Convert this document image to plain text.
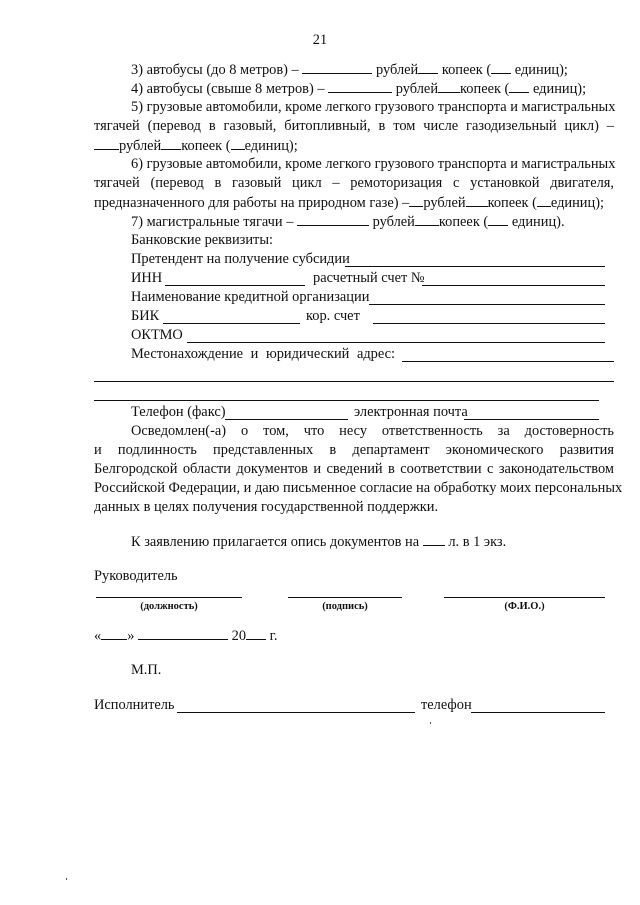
21
3) автобусы (до 8 метров) –	рублей копеек ( единиц);
4) автобусы (свыше 8 метров) –	рублей копеек ( единиц);
5) грузовые автомобили, кроме легкого грузового транспорта и магистральных
тягачей (перевод в газовый, битопливный, в том числе газодизельный цикл) –
рублей копеек ( единиц);
6) грузовые автомобили, кроме легкого грузового транспорта и магистральных
тягачей (перевод в газовый цикл – ремоторизация с установкой двигателя,
предназначенного для работы на природном газе) – рублей копеек ( единиц);
7) магистральные тягачи –	рублей копеек ( единиц).
Банковские реквизиты:
Претендент на получение субсидии
ИНН	расчетный счет №
Наименование кредитной организации
БИК	кор. счет
ОКТМО
Местонахождение и юридический адрес:
Телефон (факс)	электронная почта
Осведомлен(-а) о том, что несу ответственность за достоверность
и подлинность представленных в департамент экономического развития
Белгородской области документов и сведений в соответствии с законодательством
Российской Федерации, и даю письменное согласие на обработку моих персональных
данных в целях получения государственной поддержки.
К заявлению прилагается опись документов на л. в 1 экз.
Руководитель
(должность)	(подпись)	(Ф.И.О.)
« »	20 г.
М.П.
Исполнитель	телефон
